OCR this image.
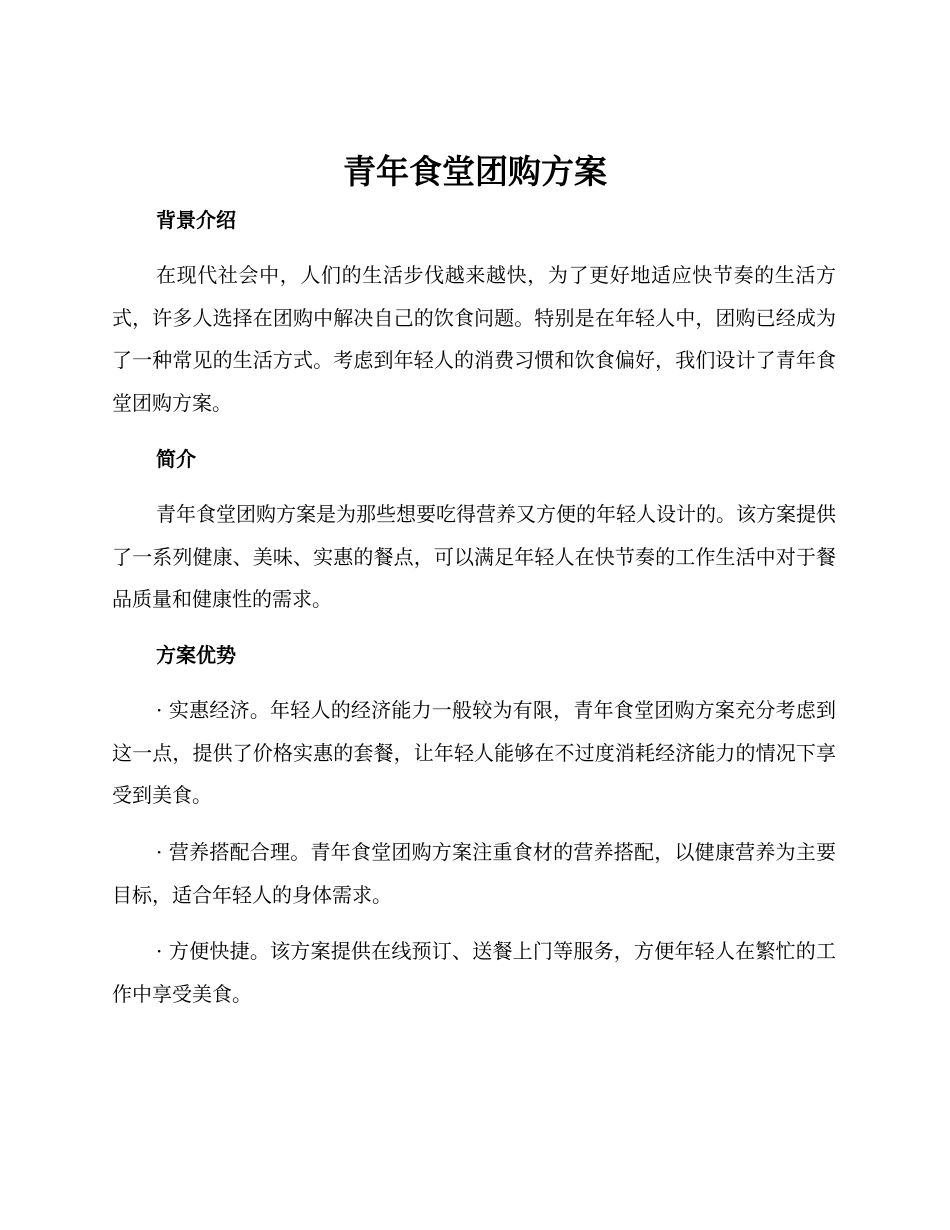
青年食堂团购方案
背景介绍

在现代社会中，人们的生活步伐越来越快，为了更好地适应快节奏的生活方式，许多人选择在团购中解决自己的饮食问题。特别是在年轻人中，团购已经成为了一种常见的生活方式。考虑到年轻人的消费习惯和饮食偏好，我们设计了青年食堂团购方案。

简介

青年食堂团购方案是为那些想要吃得营养又方便的年轻人设计的。该方案提供了一系列健康、美味、实惠的餐点，可以满足年轻人在快节奏的工作生活中对于餐品质量和健康性的需求。

方案优势

· 实惠经济。年轻人的经济能力一般较为有限，青年食堂团购方案充分考虑到这一点，提供了价格实惠的套餐，让年轻人能够在不过度消耗经济能力的情况下享受到美食。

· 营养搭配合理。青年食堂团购方案注重食材的营养搭配，以健康营养为主要目标，适合年轻人的身体需求。

· 方便快捷。该方案提供在线预订、送餐上门等服务，方便年轻人在繁忙的工作中享受美食。
